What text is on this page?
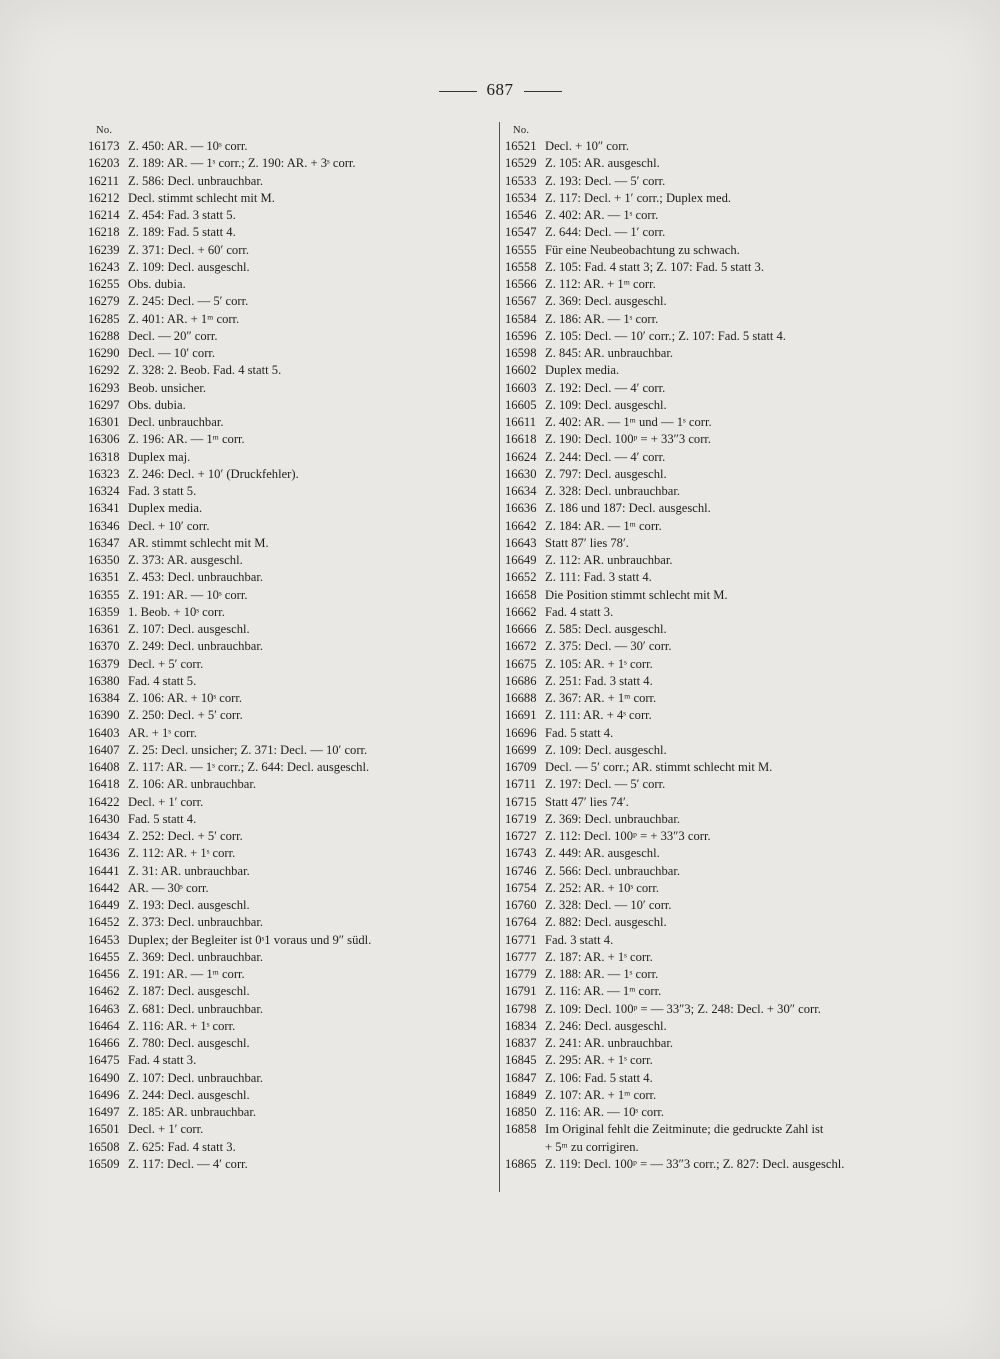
687
No.
16173 Z. 450: AR. — 10ˢ corr.
16203 Z. 189: AR. — 1ˢ corr.; Z. 190: AR. + 3ˢ corr.
16211 Z. 586: Decl. unbrauchbar.
16212 Decl. stimmt schlecht mit M.
16214 Z. 454: Fad. 3 statt 5.
16218 Z. 189: Fad. 5 statt 4.
16239 Z. 371: Decl. + 60′ corr.
16243 Z. 109: Decl. ausgeschl.
16255 Obs. dubia.
16279 Z. 245: Decl. — 5′ corr.
16285 Z. 401: AR. + 1ᵐ corr.
16288 Decl. — 20″ corr.
16290 Decl. — 10′ corr.
16292 Z. 328: 2. Beob. Fad. 4 statt 5.
16293 Beob. unsicher.
16297 Obs. dubia.
16301 Decl. unbrauchbar.
16306 Z. 196: AR. — 1ᵐ corr.
16318 Duplex maj.
16323 Z. 246: Decl. + 10′ (Druckfehler).
16324 Fad. 3 statt 5.
16341 Duplex media.
16346 Decl. + 10′ corr.
16347 AR. stimmt schlecht mit M.
16350 Z. 373: AR. ausgeschl.
16351 Z. 453: Decl. unbrauchbar.
16355 Z. 191: AR. — 10ˢ corr.
16359 1. Beob. + 10ˢ corr.
16361 Z. 107: Decl. ausgeschl.
16370 Z. 249: Decl. unbrauchbar.
16379 Decl. + 5′ corr.
16380 Fad. 4 statt 5.
16384 Z. 106: AR. + 10ˢ corr.
16390 Z. 250: Decl. + 5′ corr.
16403 AR. + 1ˢ corr.
16407 Z. 25: Decl. unsicher; Z. 371: Decl. — 10′ corr.
16408 Z. 117: AR. — 1ˢ corr.; Z. 644: Decl. ausgeschl.
16418 Z. 106: AR. unbrauchbar.
16422 Decl. + 1′ corr.
16430 Fad. 5 statt 4.
16434 Z. 252: Decl. + 5′ corr.
16436 Z. 112: AR. + 1ˢ corr.
16441 Z. 31: AR. unbrauchbar.
16442 AR. — 30ˢ corr.
16449 Z. 193: Decl. ausgeschl.
16452 Z. 373: Decl. unbrauchbar.
16453 Duplex; der Begleiter ist 0ˢ1 voraus und 9″ südl.
16455 Z. 369: Decl. unbrauchbar.
16456 Z. 191: AR. — 1ᵐ corr.
16462 Z. 187: Decl. ausgeschl.
16463 Z. 681: Decl. unbrauchbar.
16464 Z. 116: AR. + 1ˢ corr.
16466 Z. 780: Decl. ausgeschl.
16475 Fad. 4 statt 3.
16490 Z. 107: Decl. unbrauchbar.
16496 Z. 244: Decl. ausgeschl.
16497 Z. 185: AR. unbrauchbar.
16501 Decl. + 1′ corr.
16508 Z. 625: Fad. 4 statt 3.
16509 Z. 117: Decl. — 4′ corr.
No.
16521 Decl. + 10″ corr.
16529 Z. 105: AR. ausgeschl.
16533 Z. 193: Decl. — 5′ corr.
16534 Z. 117: Decl. + 1′ corr.; Duplex med.
16546 Z. 402: AR. — 1ˢ corr.
16547 Z. 644: Decl. — 1′ corr.
16555 Für eine Neubeobachtung zu schwach.
16558 Z. 105: Fad. 4 statt 3; Z. 107: Fad. 5 statt 3.
16566 Z. 112: AR. + 1ᵐ corr.
16567 Z. 369: Decl. ausgeschl.
16584 Z. 186: AR. — 1ˢ corr.
16596 Z. 105: Decl. — 10′ corr.; Z. 107: Fad. 5 statt 4.
16598 Z. 845: AR. unbrauchbar.
16602 Duplex media.
16603 Z. 192: Decl. — 4′ corr.
16605 Z. 109: Decl. ausgeschl.
16611 Z. 402: AR. — 1ᵐ und — 1ˢ corr.
16618 Z. 190: Decl. 100ᵖ = + 33″3 corr.
16624 Z. 244: Decl. — 4′ corr.
16630 Z. 797: Decl. ausgeschl.
16634 Z. 328: Decl. unbrauchbar.
16636 Z. 186 und 187: Decl. ausgeschl.
16642 Z. 184: AR. — 1ᵐ corr.
16643 Statt 87′ lies 78′.
16649 Z. 112: AR. unbrauchbar.
16652 Z. 111: Fad. 3 statt 4.
16658 Die Position stimmt schlecht mit M.
16662 Fad. 4 statt 3.
16666 Z. 585: Decl. ausgeschl.
16672 Z. 375: Decl. — 30′ corr.
16675 Z. 105: AR. + 1ˢ corr.
16686 Z. 251: Fad. 3 statt 4.
16688 Z. 367: AR. + 1ᵐ corr.
16691 Z. 111: AR. + 4ˢ corr.
16696 Fad. 5 statt 4.
16699 Z. 109: Decl. ausgeschl.
16709 Decl. — 5′ corr.; AR. stimmt schlecht mit M.
16711 Z. 197: Decl. — 5′ corr.
16715 Statt 47′ lies 74′.
16719 Z. 369: Decl. unbrauchbar.
16727 Z. 112: Decl. 100ᵖ = + 33″3 corr.
16743 Z. 449: AR. ausgeschl.
16746 Z. 566: Decl. unbrauchbar.
16754 Z. 252: AR. + 10ˢ corr.
16760 Z. 328: Decl. — 10′ corr.
16764 Z. 882: Decl. ausgeschl.
16771 Fad. 3 statt 4.
16777 Z. 187: AR. + 1ˢ corr.
16779 Z. 188: AR. — 1ˢ corr.
16791 Z. 116: AR. — 1ᵐ corr.
16798 Z. 109: Decl. 100ᵖ = — 33″3; Z. 248: Decl. + 30″ corr.
16834 Z. 246: Decl. ausgeschl.
16837 Z. 241: AR. unbrauchbar.
16845 Z. 295: AR. + 1ˢ corr.
16847 Z. 106: Fad. 5 statt 4.
16849 Z. 107: AR. + 1ᵐ corr.
16850 Z. 116: AR. — 10ˢ corr.
16858 Im Original fehlt die Zeitminute; die gedruckte Zahl ist
+ 5ᵐ zu corrigiren.
16865 Z. 119: Decl. 100ᵖ = — 33″3 corr.; Z. 827: Decl. ausgeschl.
